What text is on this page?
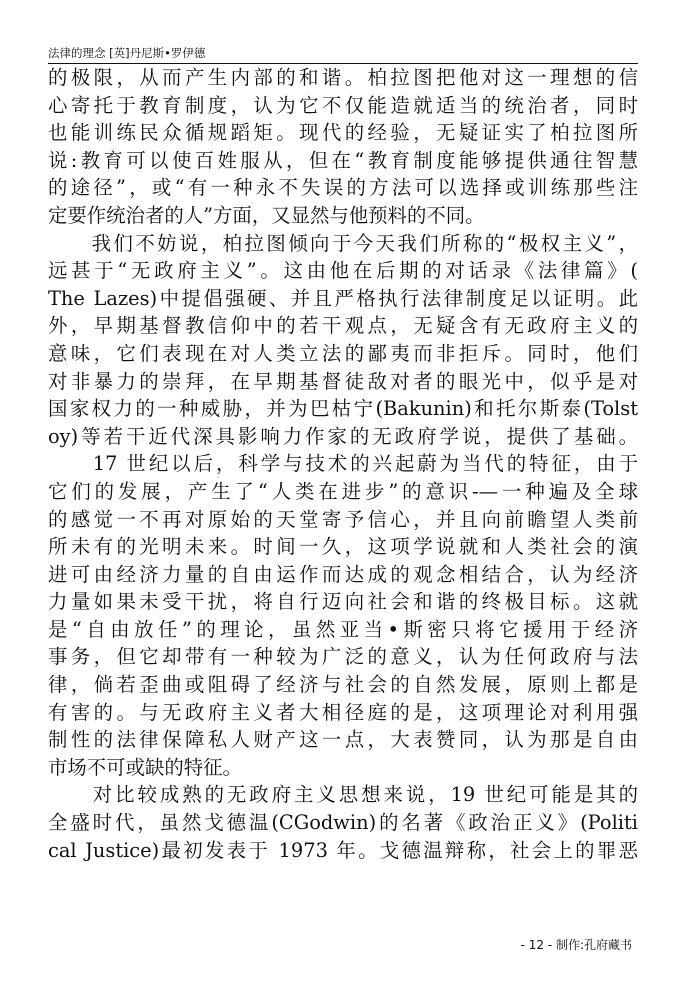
法律的理念 [英]丹尼斯•罗伊德
的极限，从而产生内部的和谐。柏拉图把他对这一理想的信
心寄托于教育制度，认为它不仅能造就适当的统治者，同时
也能训练民众循规蹈矩。现代的经验，无疑证实了柏拉图所
说:教育可以使百姓服从，但在“教育制度能够提供通往智慧
的途径”，或“有一种永不失误的方法可以选择或训练那些注
定要作统治者的人”方面，又显然与他预料的不同。
　　我们不妨说，柏拉图倾向于今天我们所称的“极权主义”，
远甚于“无政府主义”。这由他在后期的对话录《法律篇》(
The Lazes)中提倡强硬、并且严格执行法律制度足以证明。此
外，早期基督教信仰中的若干观点，无疑含有无政府主义的
意味，它们表现在对人类立法的鄙夷而非拒斥。同时，他们
对非暴力的崇拜，在早期基督徒敌对者的眼光中，似乎是对
国家权力的一种威胁，并为巴枯宁(Bakunin)和托尔斯泰(Tolst
oy)等若干近代深具影响力作家的无政府学说，提供了基础。
　　17 世纪以后，科学与技术的兴起蔚为当代的特征，由于
它们的发展，产生了“人类在进步”的意识-—一种遍及全球
的感觉一不再对原始的天堂寄予信心，并且向前瞻望人类前
所未有的光明未来。时间一久，这项学说就和人类社会的演
进可由经济力量的自由运作而达成的观念相结合，认为经济
力量如果未受干扰，将自行迈向社会和谐的终极目标。这就
是“自由放任”的理论，虽然亚当•斯密只将它援用于经济
事务，但它却带有一种较为广泛的意义，认为任何政府与法
律，倘若歪曲或阻碍了经济与社会的自然发展，原则上都是
有害的。与无政府主义者大相径庭的是，这项理论对利用强
制性的法律保障私人财产这一点，大表赞同，认为那是自由
市场不可或缺的特征。
　　对比较成熟的无政府主义思想来说，19 世纪可能是其的
全盛时代，虽然戈德温(CGodwin)的名著《政治正义》(Politi
cal Justice)最初发表于 1973 年。戈德温辩称，社会上的罪恶
- 12 - 制作:孔府藏书
